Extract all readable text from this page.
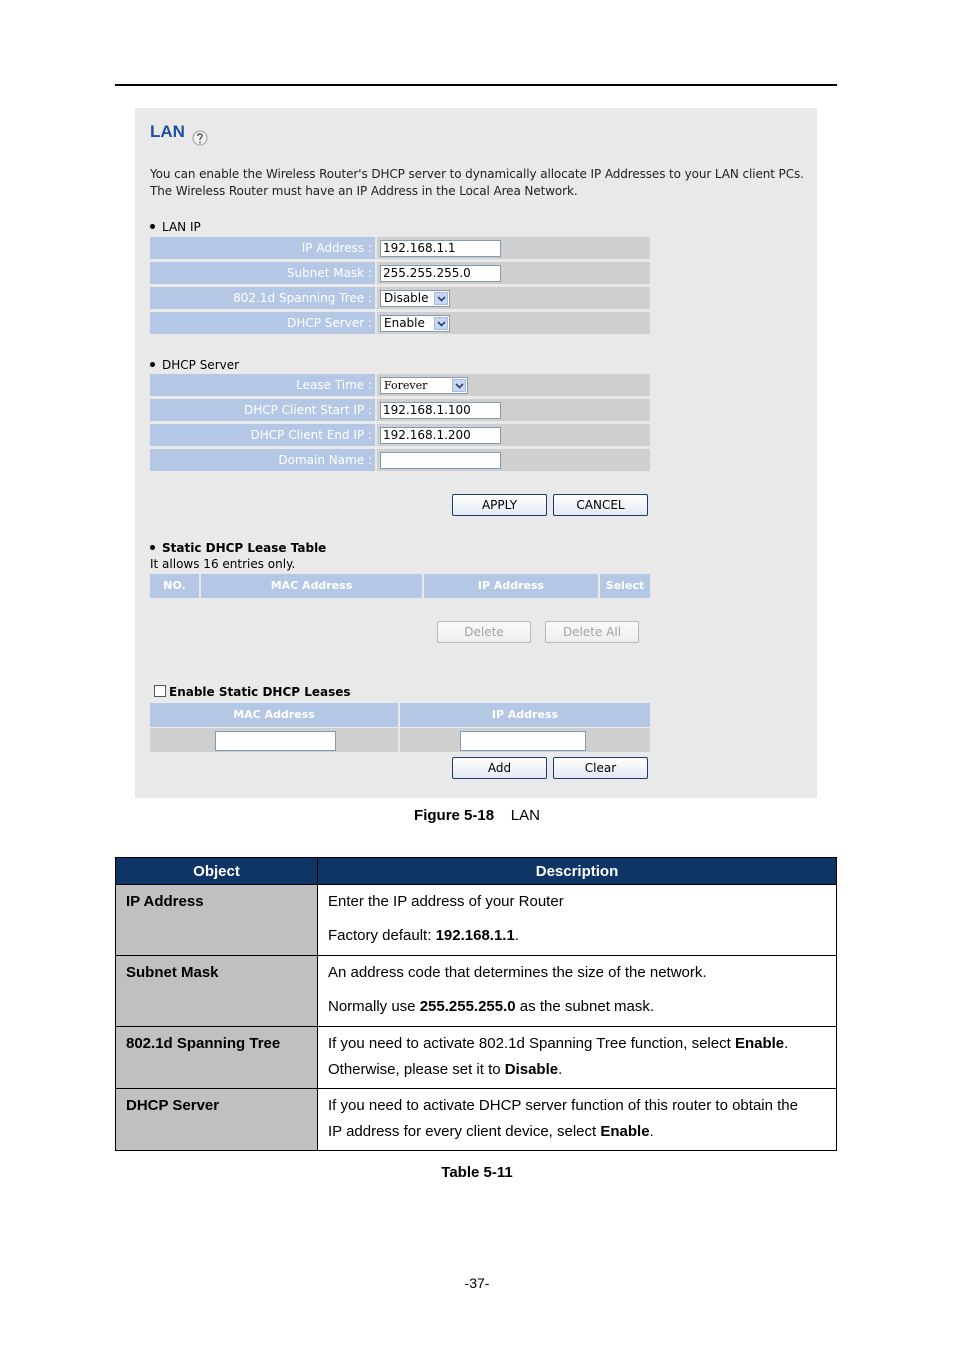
LAN
You can enable the Wireless Router's DHCP server to dynamically allocate IP Addresses to your LAN client PCs. The Wireless Router must have an IP Address in the Local Area Network.
LAN IP
IP Address :	192.168.1.1
Subnet Mask :	255.255.255.0
802.1d Spanning Tree :	Disable

DHCP Server :	Enable
DHCP Server
Lease Time :	Forever

DHCP Client Start IP :	192.168.1.100
DHCP Client End IP :	192.168.1.200
Domain Name :	
APPLY	CANCEL
Static DHCP Lease Table
It allows 16 entries only.
NO.	MAC Address	IP Address	Select
Delete	Delete All
Enable Static DHCP Leases
MAC Address	IP Address
Add	Clear
Figure 5-18 LAN
Object	Description
IP Address	Enter the IP address of your Router

Factory default: 192.168.1.1.

Subnet Mask	An address code that determines the size of the network.

Normally use 255.255.255.0 as the subnet mask.

802.1d Spanning Tree	If you need to activate 802.1d Spanning Tree function, select Enable.

Otherwise, please set it to Disable.

DHCP Server	If you need to activate DHCP server function of this router to obtain the

IP address for every client device, select Enable.

Table 5-11
-37-
